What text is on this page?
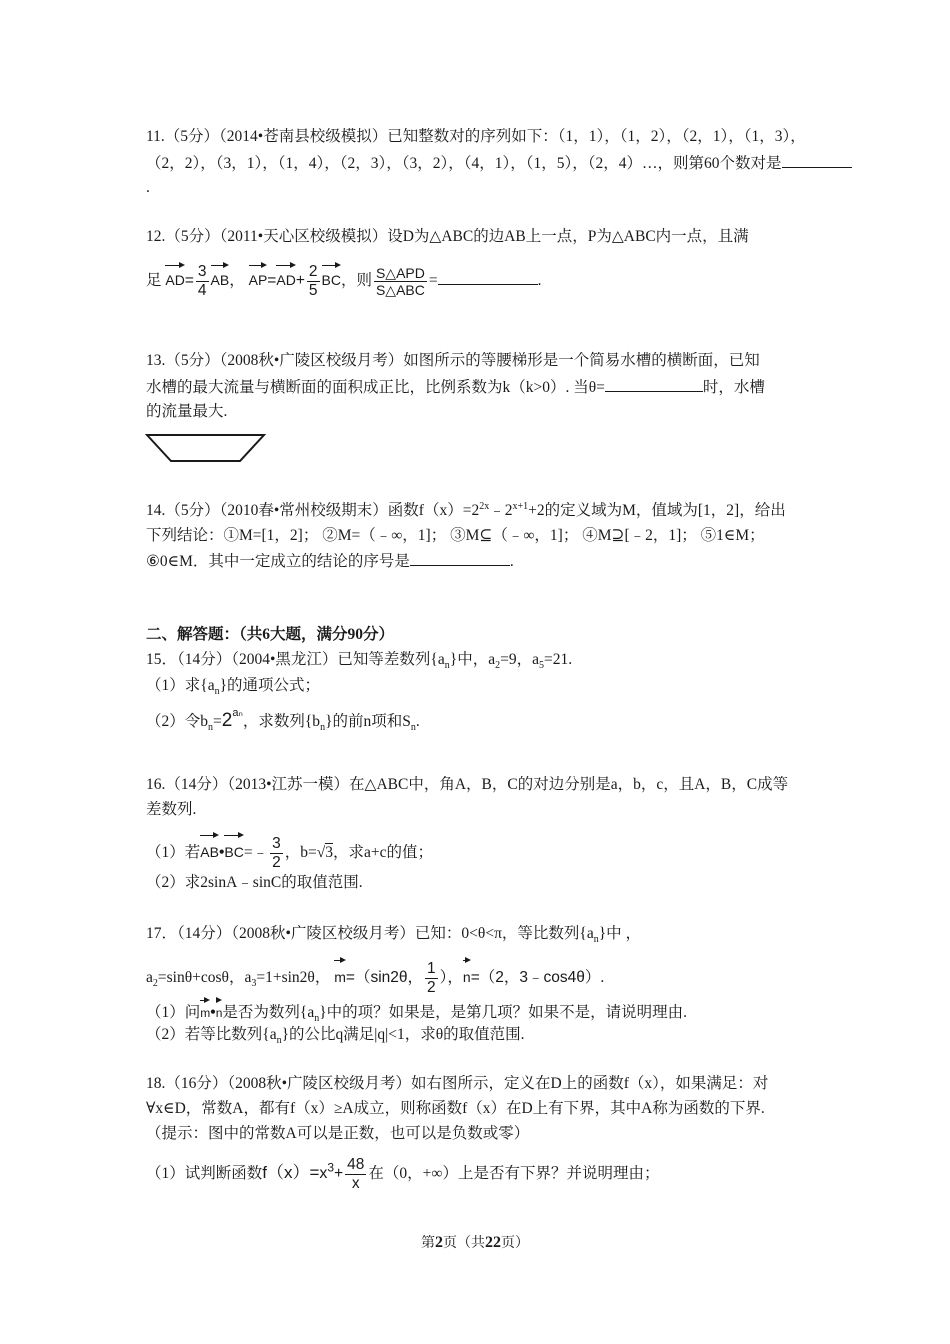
11.（5分）（2014•苍南县校级模拟）已知整数对的序列如下：（1，1），（1，2），（2，1），（1，3），
（2，2），（3，1），（1，4），（2，3），（3，2），（4，1），（1，5），（2，4）…，则第60个数对是
.
12.（5分）（2011•天心区校级模拟）设D为△ABC的边AB上一点，P为△ABC内一点，且满
足 $AD= \frac{3}{4}$ AB， $AP=AD+ \frac{2}{5}$ BC，则 $\frac{\text{S△APD}}{\text{S△ABC}}$ =	.
13.（5分）（2008秋•广陵区校级月考）如图所示的等腰梯形是一个简易水槽的横断面，已知
水槽的最大流量与横断面的面积成正比，比例系数为k（k>0）. 当θ=	时，水槽
的流量最大.
14.（5分）（2010春•常州校级期末）函数$f(x)=2^{2x}﹣2^{x+1}+2$的定义域为M，值域为[1，2]，给出
下列结论：①M=[1，2]； ②M=（﹣∞，1]； ③M⊆（﹣∞，1]； ④M⊇[﹣2，1]； ⑤1∈M；
⑥0∈M．其中一定成立的结论的序号是	.
二、解答题：（共6大题，满分90分）
15．（14分）（2004•黑龙江）已知等差数列$\{a_n\}$中，$a_2=9$，$a_5=21$.
（1）求$\{a_n\}$的通项公式；
（2）令$b_n=2^{a_n}$，求数列$\{b_n\}$的前n项和$S_n$.
16.（14分）（2013•江苏一模）在△ABC中，角A，B，C的对边分别是a，b，c，且A，B，C成等
差数列.
（1）若AB•BC=﹣ $\frac{3}{2}$ ，b=√3，求a+c的值；
（2）求2sinA﹣sinC的取值范围.
17．（14分）（2008秋•广陵区校级月考）已知：0<θ<π，等比数列$\{a_n\}$中 ，
$a_2=\sin\theta+\cos\theta$，$a_3=1+\sin 2\theta$， m=（sin2θ， $\frac{1}{2}$ ），n=（2，3﹣cos4θ）.
（1）问m•n是否为数列$\{a_n\}$中的项？如果是，是第几项？如果不是，请说明理由.
（2）若等比数列$\{a_n\}$的公比q满足|q|<1，求θ的取值范围.
18.（16分）（2008秋•广陵区校级月考）如右图所示，定义在D上的函数f（x），如果满足：对
∀x∈D，常数A，都有f（x）≥A成立，则称函数f（x）在D上有下界，其中A称为函数的下界.
（提示：图中的常数A可以是正数，也可以是负数或零）
（1）试判断函数$f(x)=x^3+ \frac{48}{x}$ 在（0，+∞）上是否有下界？并说明理由；
第2页（共22页）
